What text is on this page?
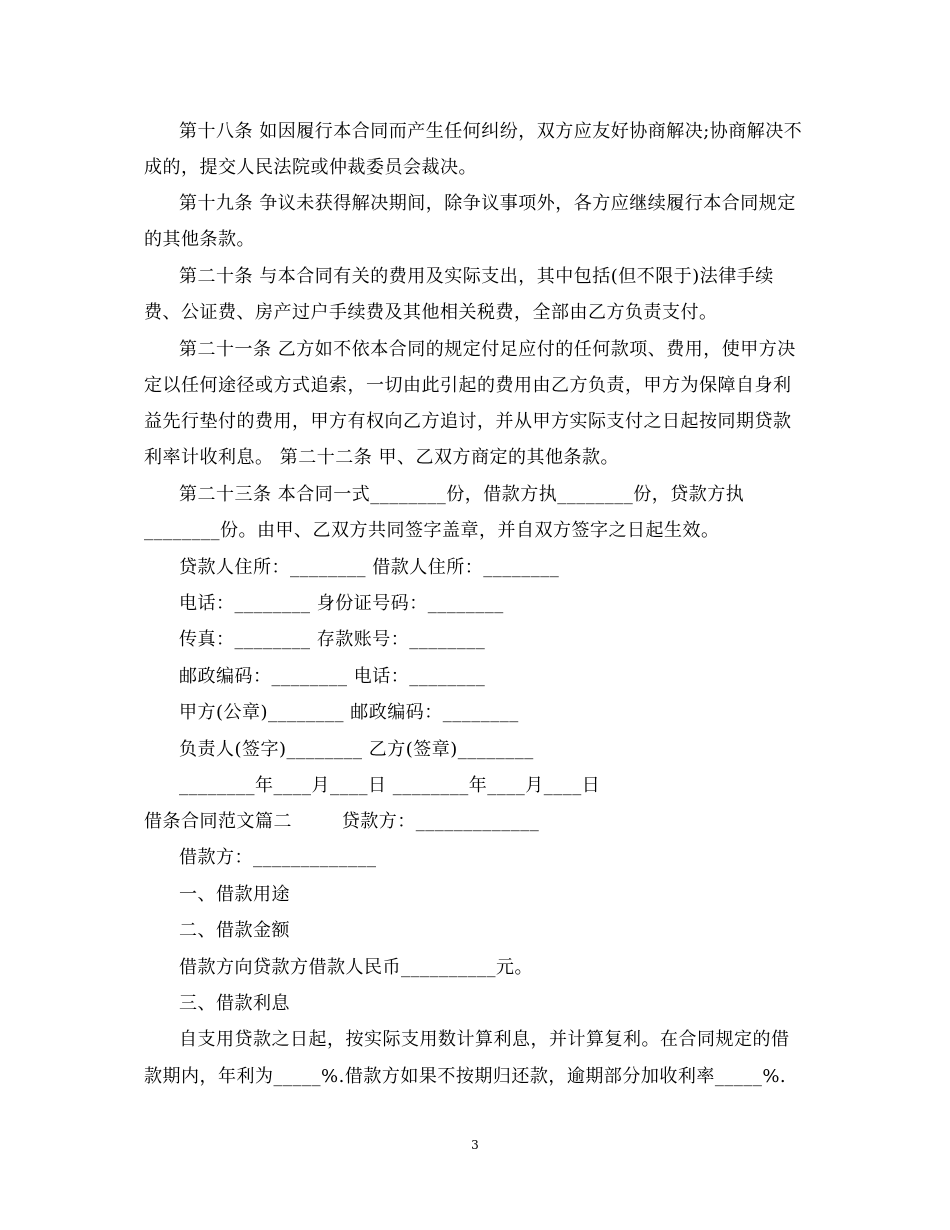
第十八条 如因履行本合同而产生任何纠纷，双方应友好协商解决;协商解决不
成的，提交人民法院或仲裁委员会裁决。
第十九条 争议未获得解决期间，除争议事项外，各方应继续履行本合同规定
的其他条款。
第二十条 与本合同有关的费用及实际支出，其中包括(但不限于)法律手续
费、公证费、房产过户手续费及其他相关税费，全部由乙方负责支付。
第二十一条 乙方如不依本合同的规定付足应付的任何款项、费用，使甲方决
定以任何途径或方式追索，一切由此引起的费用由乙方负责，甲方为保障自身利
益先行垫付的费用，甲方有权向乙方追讨，并从甲方实际支付之日起按同期贷款
利率计收利息。 第二十二条 甲、乙双方商定的其他条款。
第二十三条 本合同一式________份，借款方执________份，贷款方执
________份。由甲、乙双方共同签字盖章，并自双方签字之日起生效。
贷款人住所：________ 借款人住所：________
电话：________ 身份证号码：________
传真：________ 存款账号：________
邮政编码：________ 电话：________
甲方(公章)________ 邮政编码：________
负责人(签字)________ 乙方(签章)________
________年____月____日 ________年____月____日
借条合同范文篇二        贷款方：_____________
借款方：_____________
一、借款用途
二、借款金额
借款方向贷款方借款人民币__________元。
三、借款利息
自支用贷款之日起，按实际支用数计算利息，并计算复利。在合同规定的借
款期内，年利为_____%.借款方如果不按期归还款，逾期部分加收利率_____%.
3
